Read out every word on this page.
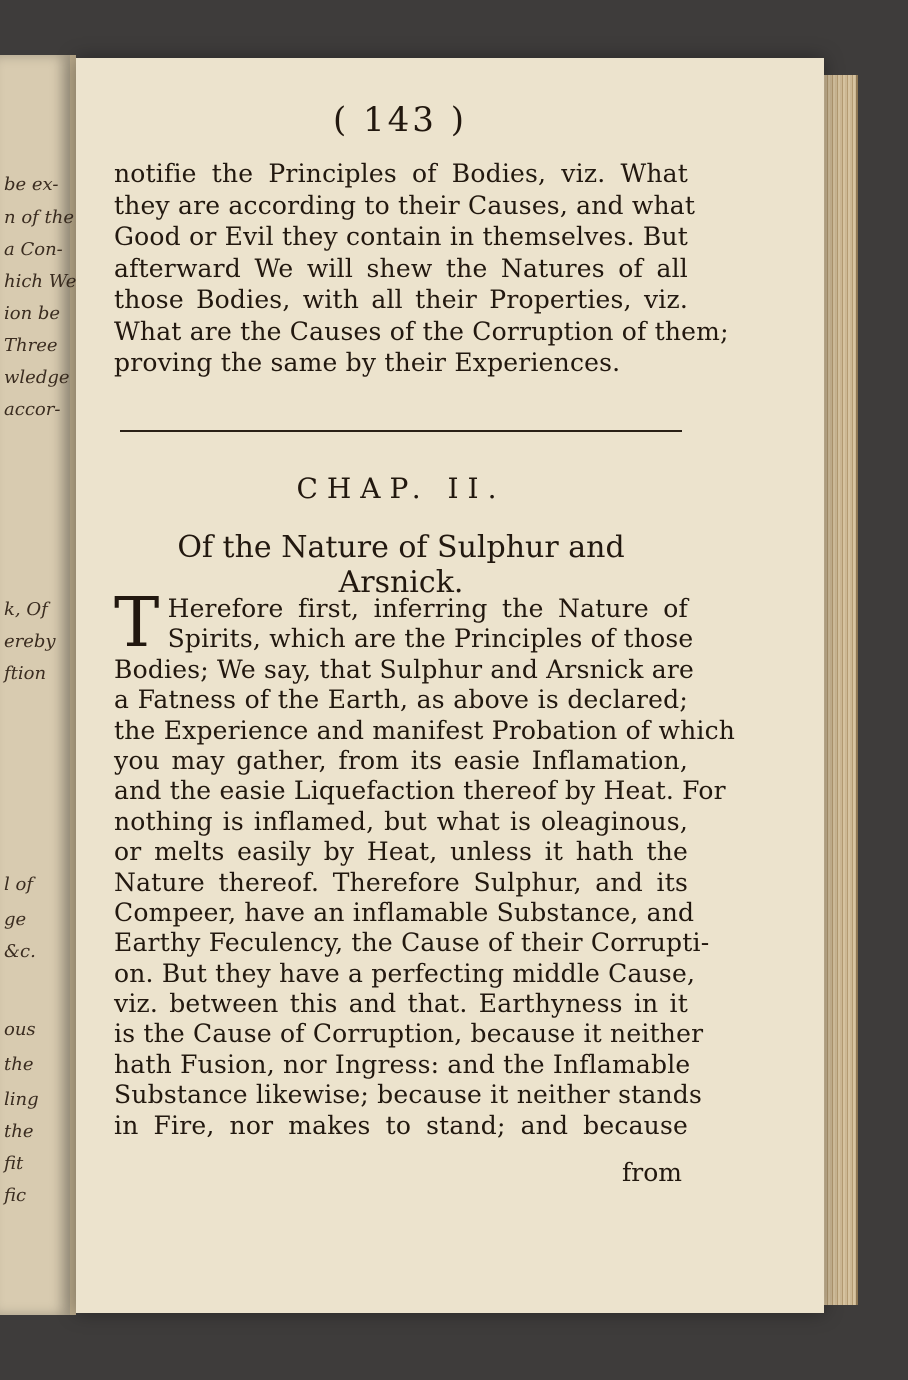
be ex-
n of the
a Con-
hich We
ion be
Three
wledge
accor-
k, Of
ereby
ftion
l of
ge
&c.
ous
the
ling
the
fit
fic
( 143 )
notifie the Principles of Bodies, viz. What
they are according to their Causes, and what
Good or Evil they contain in themselves. But
afterward We will shew the Natures of all
those Bodies, with all their Properties, viz.
What are the Causes of the Corruption of them;
proving the same by their Experiences.
CHAP. II.
Of the Nature of Sulphur and Arsnick.
T Herefore first, inferring the Nature of
Spirits, which are the Principles of those
Bodies; We say, that Sulphur and Arsnick are
a Fatness of the Earth, as above is declared;
the Experience and manifest Probation of which
you may gather, from its easie Inflamation,
and the easie Liquefaction thereof by Heat. For
nothing is inflamed, but what is oleaginous,
or melts easily by Heat, unless it hath the
Nature thereof. Therefore Sulphur, and its
Compeer, have an inflamable Substance, and
Earthy Feculency, the Cause of their Corrupti-
on. But they have a perfecting middle Cause,
viz. between this and that. Earthyness in it
is the Cause of Corruption, because it neither
hath Fusion, nor Ingress: and the Inflamable
Substance likewise; because it neither stands
in Fire, nor makes to stand; and because
from
